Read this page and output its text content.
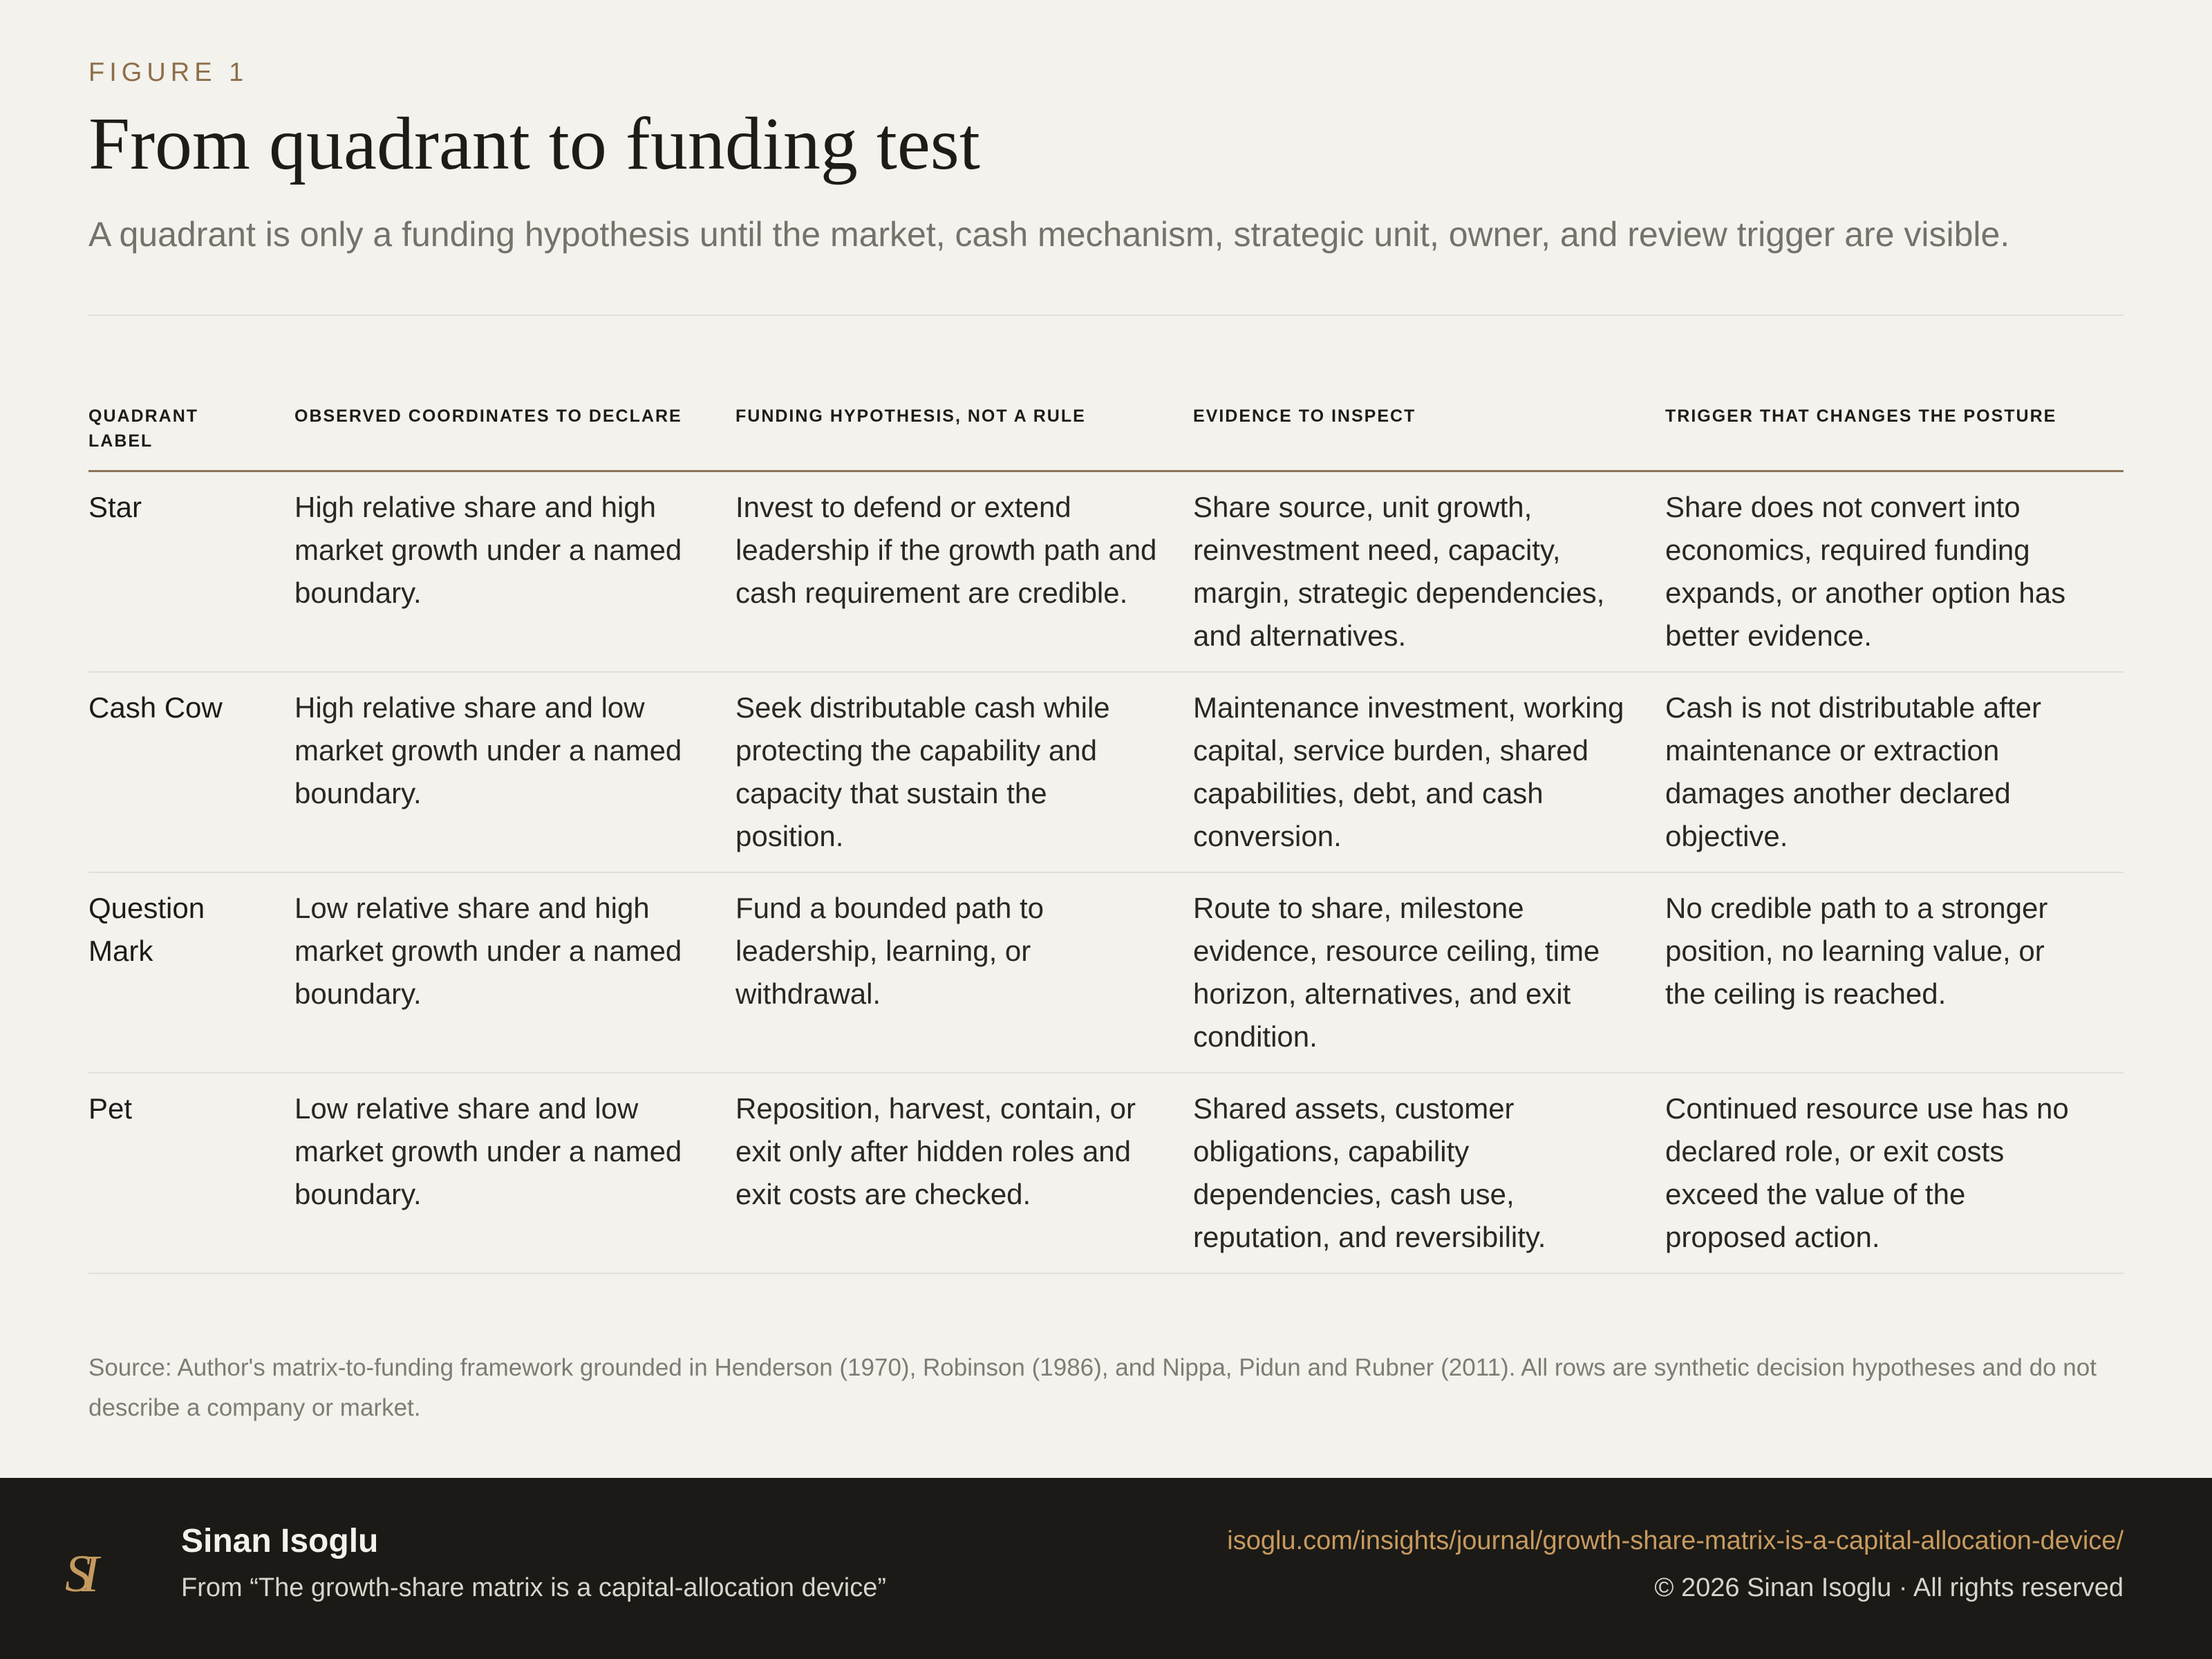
FIGURE 1
From quadrant to funding test

A quadrant is only a funding hypothesis until the market, cash mechanism, strategic unit, owner, and review trigger are visible.

QUADRANT LABEL	OBSERVED COORDINATES TO DECLARE	FUNDING HYPOTHESIS, NOT A RULE	EVIDENCE TO INSPECT	TRIGGER THAT CHANGES THE POSTURE
Star	High relative share and high market growth under a named boundary.	Invest to defend or extend leadership if the growth path and cash requirement are credible.	Share source, unit growth, reinvestment need, capacity, margin, strategic dependencies, and alternatives.	Share does not convert into economics, required funding expands, or another option has better evidence.
Cash Cow	High relative share and low market growth under a named boundary.	Seek distributable cash while protecting the capability and capacity that sustain the position.	Maintenance investment, working capital, service burden, shared capabilities, debt, and cash conversion.	Cash is not distributable after maintenance or extraction damages another declared objective.
Question Mark	Low relative share and high market growth under a named boundary.	Fund a bounded path to leadership, learning, or withdrawal.	Route to share, milestone evidence, resource ceiling, time horizon, alternatives, and exit condition.	No credible path to a stronger position, no learning value, or the ceiling is reached.
Pet	Low relative share and low market growth under a named boundary.	Reposition, harvest, contain, or exit only after hidden roles and exit costs are checked.	Shared assets, customer obligations, capability dependencies, cash use, reputation, and reversibility.	Continued resource use has no declared role, or exit costs exceed the value of the proposed action.

Source: Author's matrix-to-funding framework grounded in Henderson (1970), Robinson (1986), and Nippa, Pidun and Rubner (2011). All rows are synthetic decision hypotheses and do not describe a company or market.

SI
Sinan Isoglu
From “The growth-share matrix is a capital-allocation device”
isoglu.com/insights/journal/growth-share-matrix-is-a-capital-allocation-device/
© 2026 Sinan Isoglu · All rights reserved
